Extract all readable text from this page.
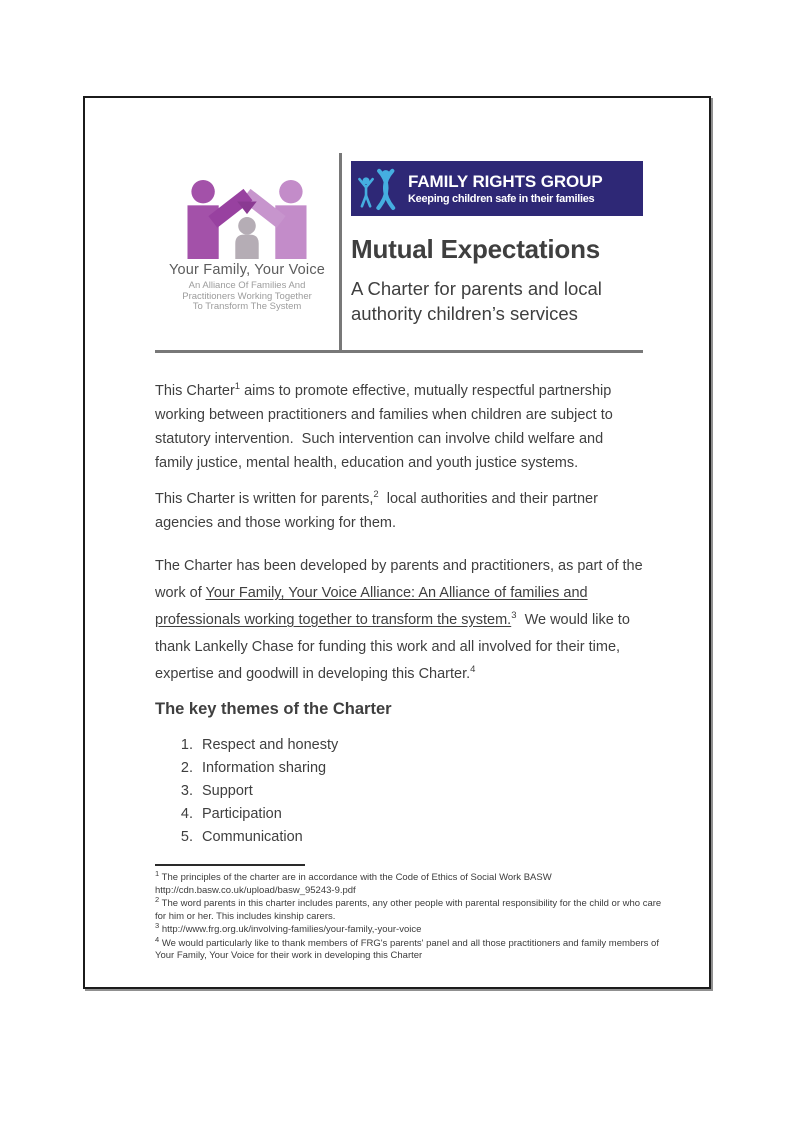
Your Family, Your Voice
An Alliance Of Families And
Practitioners Working Together
To Transform The System
FAMILY RIGHTS GROUP
Keeping children safe in their families
Mutual Expectations
A Charter for parents and local authority children’s services

This Charter$^1$ aims to promote effective, mutually respectful partnership working between practitioners and families when children are subject to statutory intervention.  Such intervention can involve child welfare and family justice, mental health, education and youth justice systems.

This Charter is written for parents,$^2$  local authorities and their partner agencies and those working for them.

The Charter has been developed by parents and practitioners, as part of the work of Your Family, Your Voice Alliance: An Alliance of families and professionals working together to transform the system.$^3$  We would like to thank Lankelly Chase for funding this work and all involved for their time, expertise and goodwill in developing this Charter.$^4$

The key themes of the Charter
1. Respect and honesty
2. Information sharing
3. Support
4. Participation
5. Communication
$^1$ The principles of the charter are in accordance with the Code of Ethics of Social Work BASW http://cdn.basw.co.uk/upload/basw_95243-9.pdf
$^2$ The word parents in this charter includes parents, any other people with parental responsibility for the child or who care for him or her. This includes kinship carers.
$^3$ http://www.frg.org.uk/involving-families/your-family,-your-voice
$^4$ We would particularly like to thank members of FRG's parents' panel and all those practitioners and family members of Your Family, Your Voice for their work in developing this Charter
